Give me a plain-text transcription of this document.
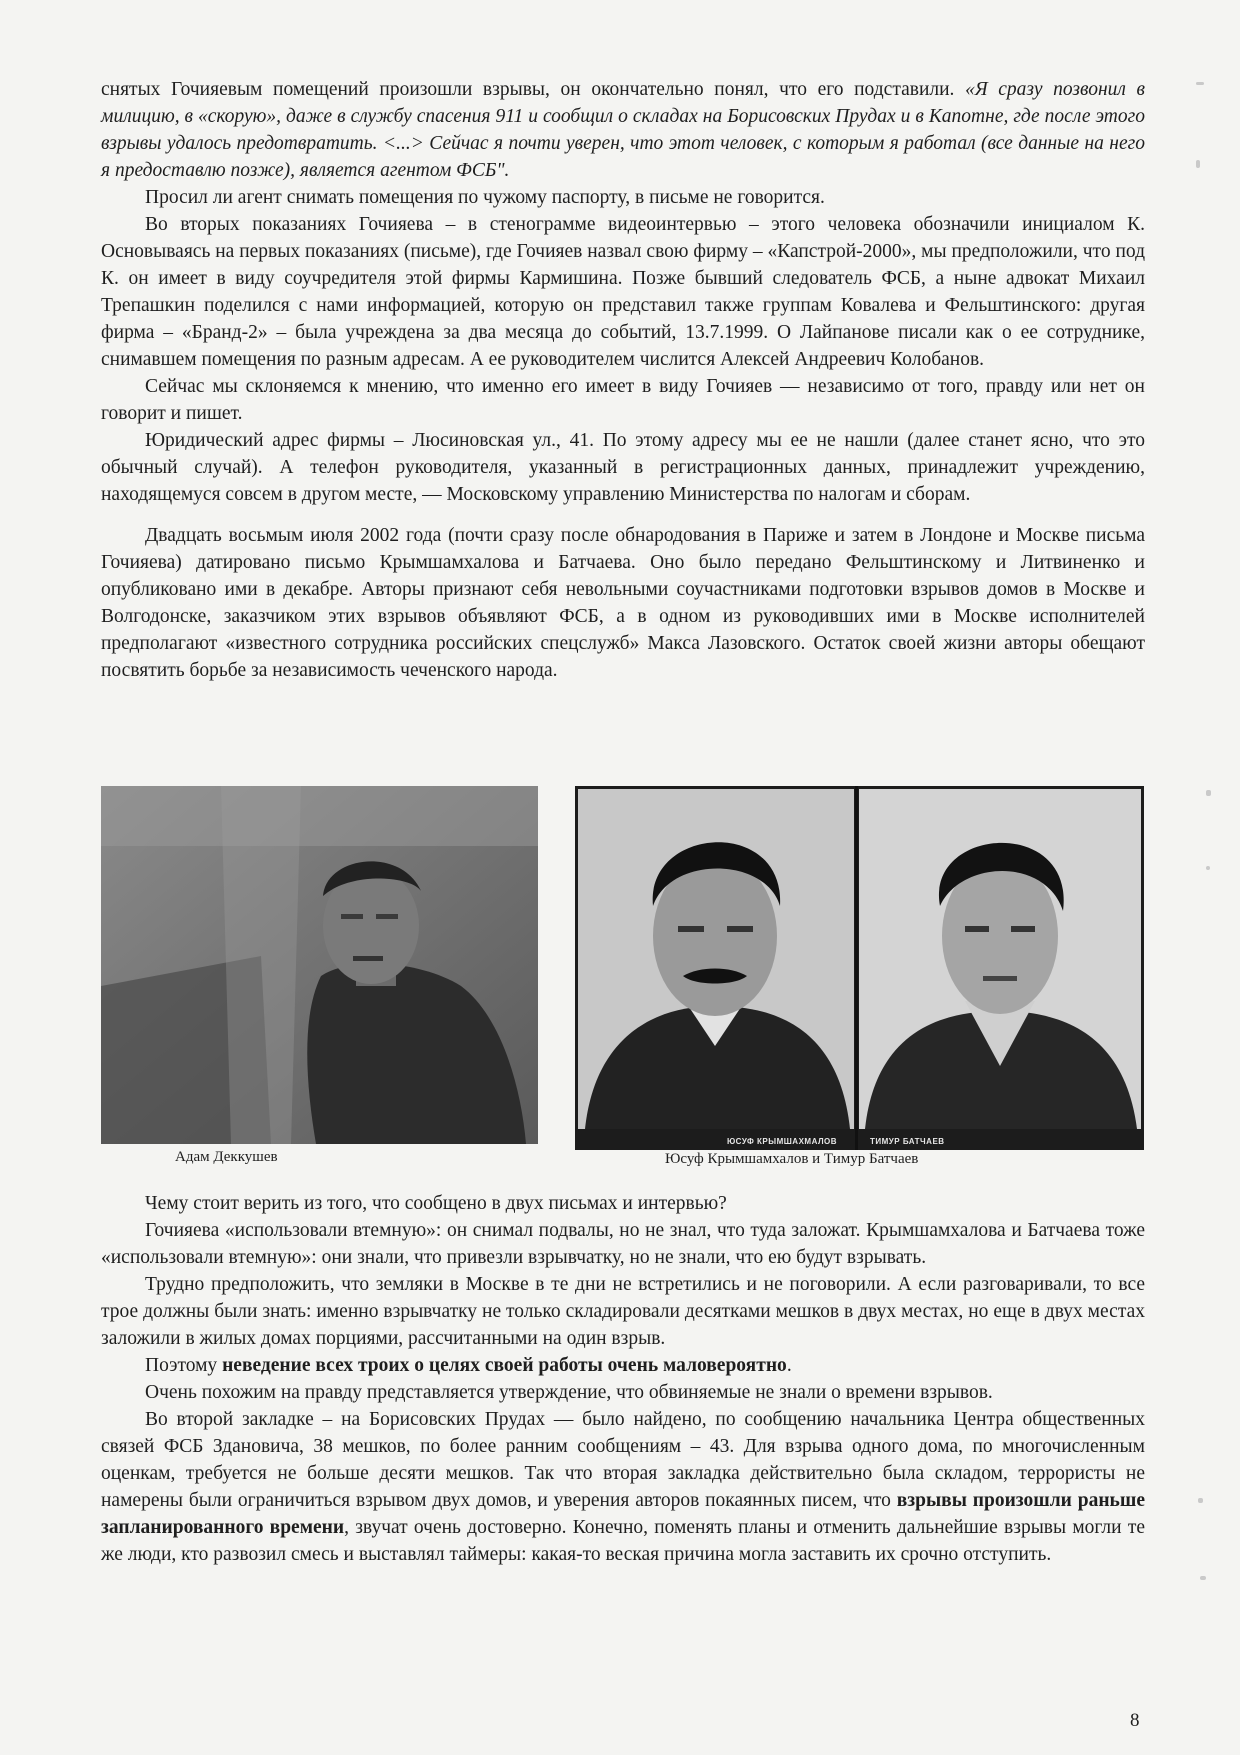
снятых Гочияевым помещений произошли взрывы, он окончательно понял, что его подставили. «Я сразу позвонил в милицию, в «скорую», даже в службу спасения 911 и сообщил о складах на Борисовских Прудах и в Капотне, где после этого взрывы удалось предотвратить. <...> Сейчас я почти уверен, что этот человек, с которым я работал (все данные на него я предоставлю позже), является агентом ФСБ".

Просил ли агент снимать помещения по чужому паспорту, в письме не говорится.

Во вторых показаниях Гочияева – в стенограмме видеоинтервью – этого человека обозначили инициалом К. Основываясь на первых показаниях (письме), где Гочияев назвал свою фирму – «Капстрой-2000», мы предположили, что под К. он имеет в виду соучредителя этой фирмы Кармишина. Позже бывший следователь ФСБ, а ныне адвокат Михаил Трепашкин поделился с нами информацией, которую он представил также группам Ковалева и Фельштинского: другая фирма – «Бранд-2» – была учреждена за два месяца до событий, 13.7.1999. О Лайпанове писали как о ее сотруднике, снимавшем помещения по разным адресам. А ее руководителем числится Алексей Андреевич Колобанов.

Сейчас мы склоняемся к мнению, что именно его имеет в виду Гочияев — независимо от того, правду или нет он говорит и пишет.

Юридический адрес фирмы – Люсиновская ул., 41. По этому адресу мы ее не нашли (далее станет ясно, что это обычный случай). А телефон руководителя, указанный в регистрационных данных, принадлежит учреждению, находящемуся совсем в другом месте, — Московскому управлению Министерства по налогам и сборам.

Двадцать восьмым июля 2002 года (почти сразу после обнародования в Париже и затем в Лондоне и Москве письма Гочияева) датировано письмо Крымшамхалова и Батчаева. Оно было передано Фельштинскому и Литвиненко и опубликовано ими в декабре. Авторы признают себя невольными соучастниками подготовки взрывов домов в Москве и Волгодонске, заказчиком этих взрывов объявляют ФСБ, а в одном из руководивших ими в Москве исполнителей предполагают «известного сотрудника российских спецслужб» Макса Лазовского. Остаток своей жизни авторы обещают посвятить борьбе за независимость чеченского народа.

Адам Деккушев
ЮСУФ КРЫМШАХМАЛОВ	ТИМУР БАТЧАЕВ
Юсуф Крымшамхалов и Тимур Батчаев

Чему стоит верить из того, что сообщено в двух письмах и интервью?

Гочияева «использовали втемную»: он снимал подвалы, но не знал, что туда заложат. Крымшамхалова и Батчаева тоже «использовали втемную»: они знали, что привезли взрывчатку, но не знали, что ею будут взрывать.

Трудно предположить, что земляки в Москве в те дни не встретились и не поговорили. А если разговаривали, то все трое должны были знать: именно взрывчатку не только складировали десятками мешков в двух местах, но еще в двух местах заложили в жилых домах порциями, рассчитанными на один взрыв.

Поэтому неведение всех троих о целях своей работы очень маловероятно.

Очень похожим на правду представляется утверждение, что обвиняемые не знали о времени взрывов.

Во второй закладке – на Борисовских Прудах — было найдено, по сообщению начальника Центра общественных связей ФСБ Здановича, 38 мешков, по более ранним сообщениям – 43. Для взрыва одного дома, по многочисленным оценкам, требуется не больше десяти мешков. Так что вторая закладка действительно была складом, террористы не намерены были ограничиться взрывом двух домов, и уверения авторов покаянных писем, что взрывы произошли раньше запланированного времени, звучат очень достоверно. Конечно, поменять планы и отменить дальнейшие взрывы могли те же люди, кто развозил смесь и выставлял таймеры: какая-то веская причина могла заставить их срочно отступить.

8
